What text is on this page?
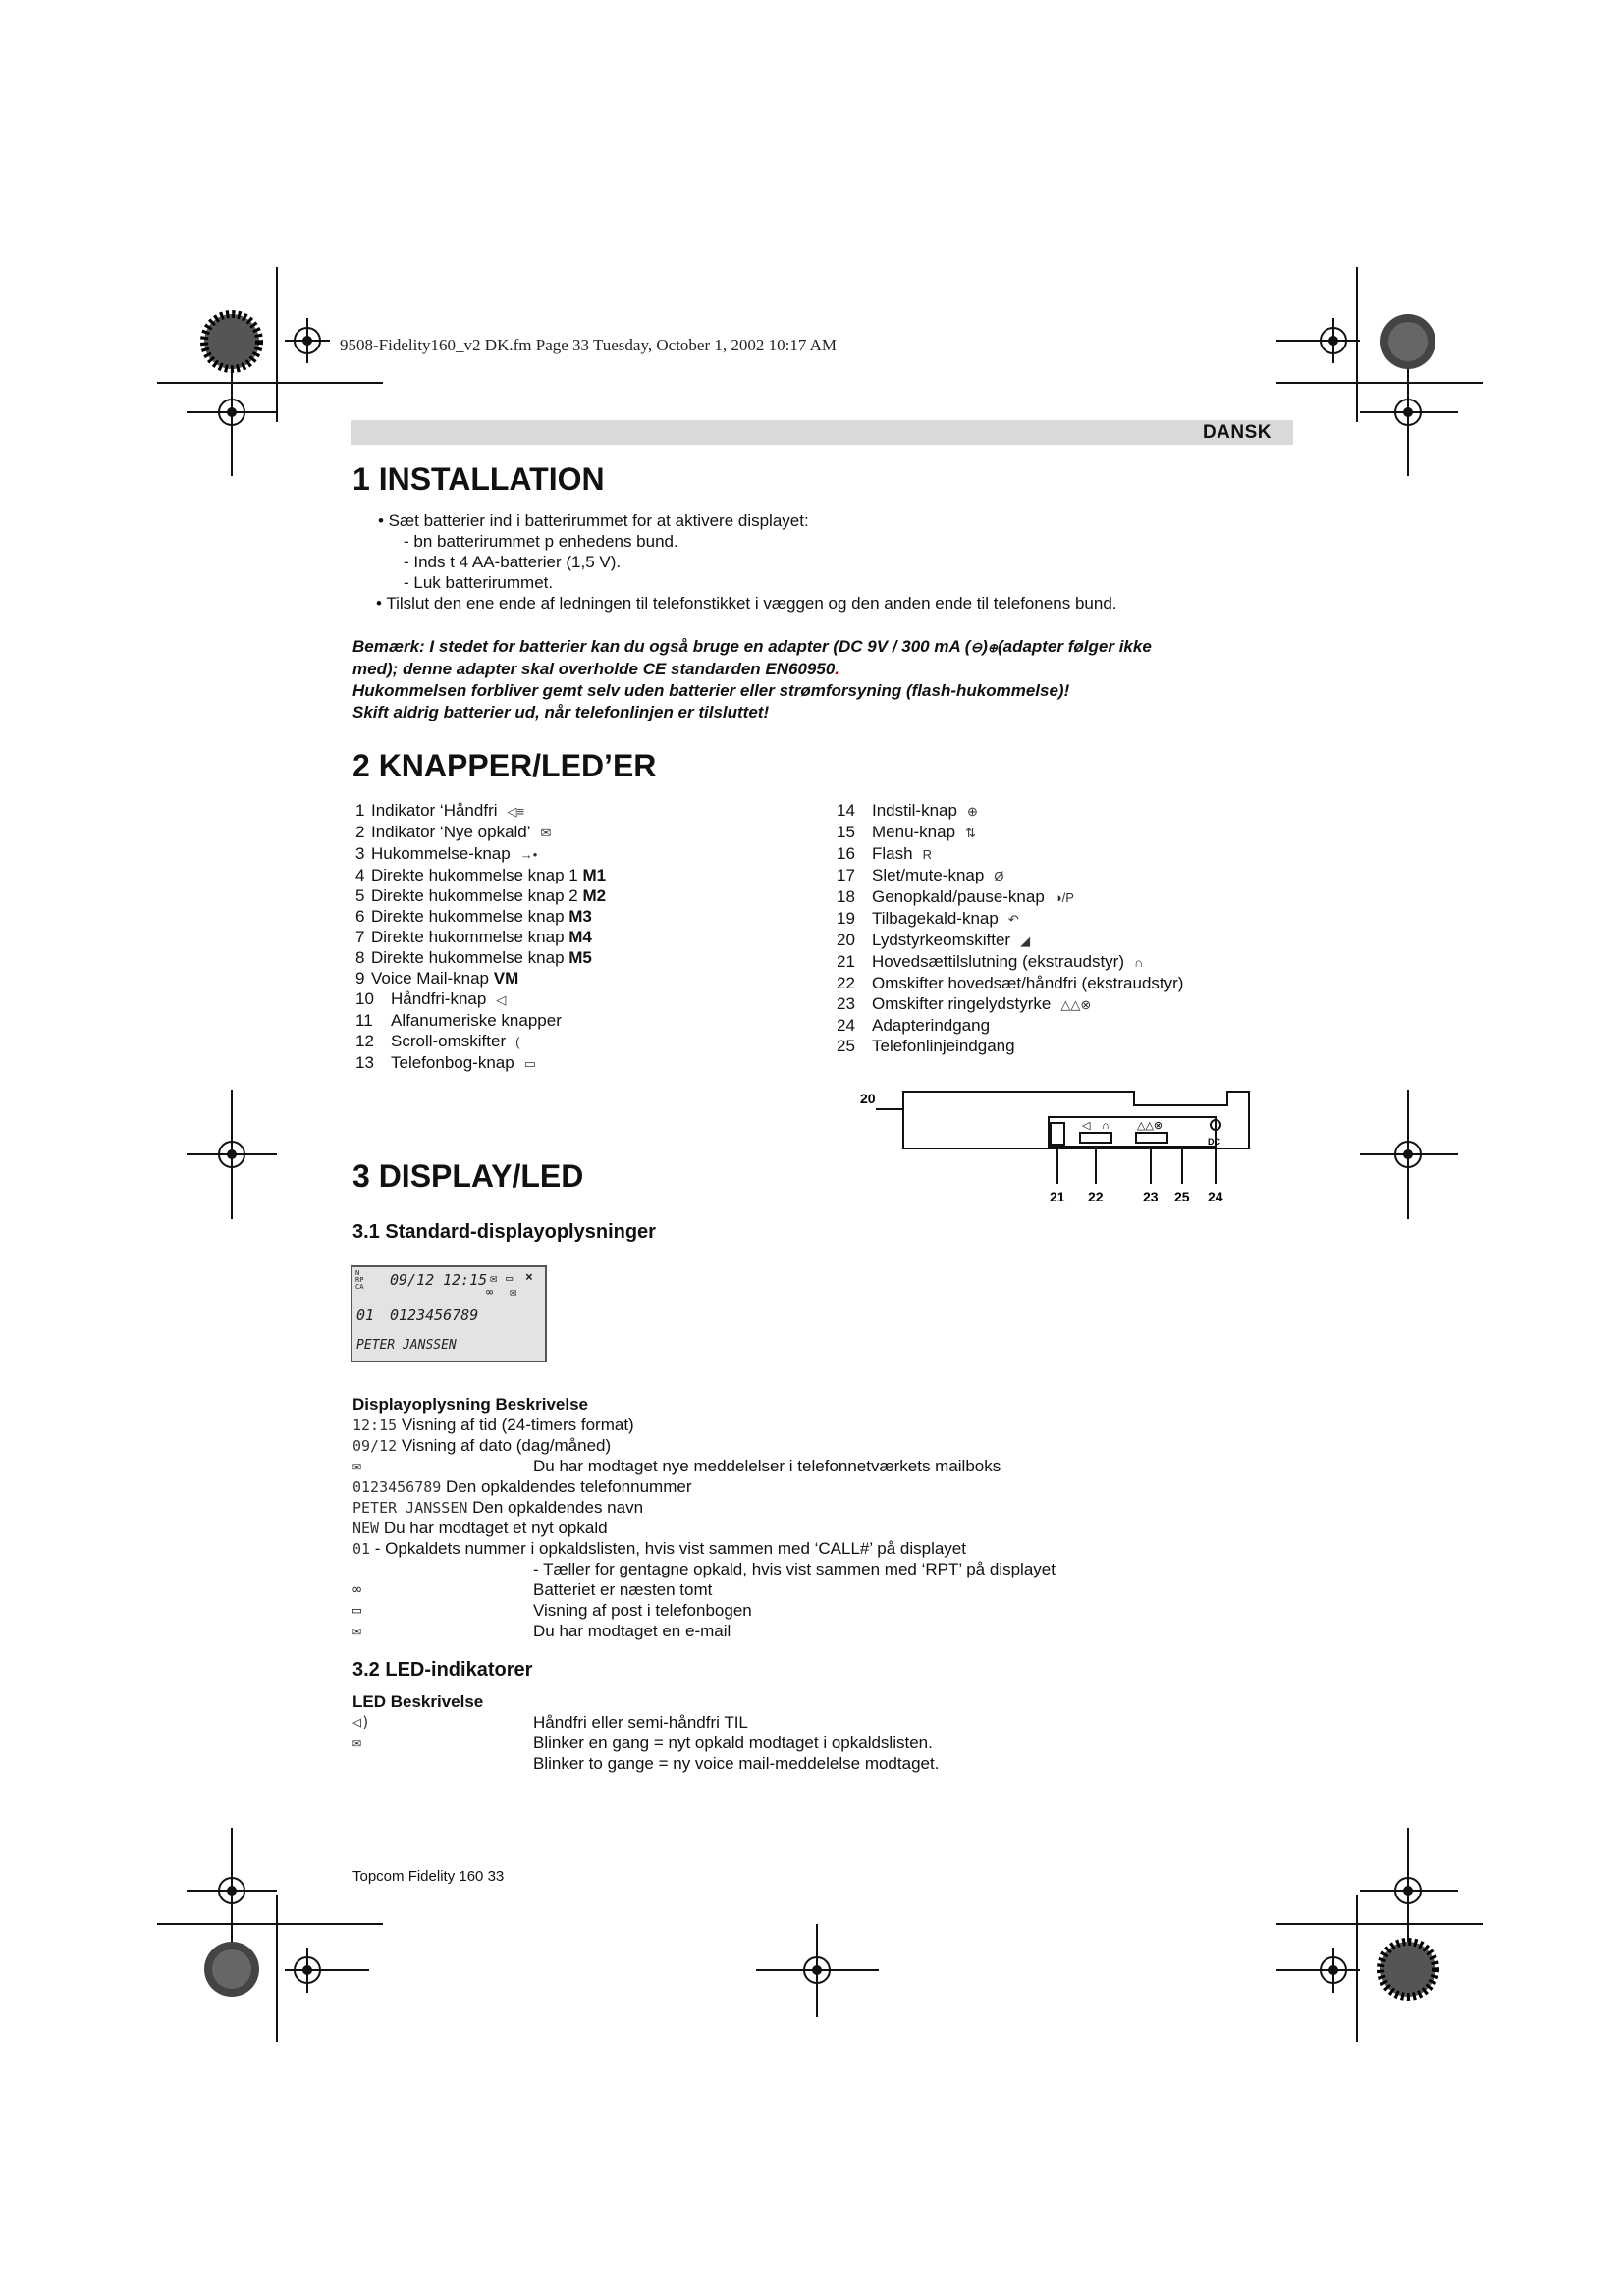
9508-Fidelity160_v2 DK.fm Page 33 Tuesday, October 1, 2002 10:17 AM
DANSK
1 INSTALLATION
• Sæt batterier ind i batterirummet for at aktivere displayet:
- bn batterirummet p enhedens bund.
- Inds t 4 AA-batterier (1,5 V).
- Luk batterirummet.
• Tilslut den ene ende af ledningen til telefonstikket i væggen og den anden ende til telefonens bund.
Bemærk: I stedet for batterier kan du også bruge en adapter (DC 9V / 300 mA (⊖)⊕(adapter følger ikke
med); denne adapter skal overholde CE standarden EN60950.
Hukommelsen forbliver gemt selv uden batterier eller strømforsyning (flash-hukommelse)!
Skift aldrig batterier ud, når telefonlinjen er tilsluttet!
2 KNAPPER/LED’ER
1 Indikator ‘Håndfri ◁≡
2 Indikator ‘Nye opkald’ ✉
3 Hukommelse-knap →•
4 Direkte hukommelse knap 1 M1
5 Direkte hukommelse knap 2 M2
6 Direkte hukommelse knap M3
7 Direkte hukommelse knap M4
8 Direkte hukommelse knap M5
9 Voice Mail-knap VM
10 Håndfri-knap ◁
11 Alfanumeriske knapper
12 Scroll-omskifter (
13 Telefonbog-knap ▭
14 Indstil-knap ⊕
15 Menu-knap ⇅
16 Flash R
17 Slet/mute-knap Ø
18 Genopkald/pause-knap ◑/P
19 Tilbagekald-knap ↶
20 Lydstyrkeomskifter ◢
21 Hovedsættilslutning (ekstraudstyr) ∩
22 Omskifter hovedsæt/håndfri (ekstraudstyr)
23 Omskifter ringelydstyrke △△⊗
24 Adapterindgang
25 Telefonlinjeindgang
20
21 22	23 25 24
DC
◁ ∩	△△⊗
3 DISPLAY/LED
3.1 Standard-displayoplysninger
N
RP
CA 09/12 12:15 ✉ ▭ ×
∞ ✉
01 0123456789
PETER JANSSEN
Displayoplysning Beskrivelse
12:15 Visning af tid (24-timers format)
09/12 Visning af dato (dag/måned)
✉	Du har modtaget nye meddelelser i telefonnetværkets mailboks
0123456789 Den opkaldendes telefonnummer
PETER JANSSEN Den opkaldendes navn
NEW Du har modtaget et nyt opkald
01 - Opkaldets nummer i opkaldslisten, hvis vist sammen med ‘CALL#’ på displayet
- Tæller for gentagne opkald, hvis vist sammen med ‘RPT’ på displayet
∞	Batteriet er næsten tomt
▭	Visning af post i telefonbogen
✉	Du har modtaget en e-mail
3.2 LED-indikatorer
LED Beskrivelse
◁)	Håndfri eller semi-håndfri TIL
✉	Blinker en gang = nyt opkald modtaget i opkaldslisten.
Blinker to gange = ny voice mail-meddelelse modtaget.
Topcom Fidelity 160 33
